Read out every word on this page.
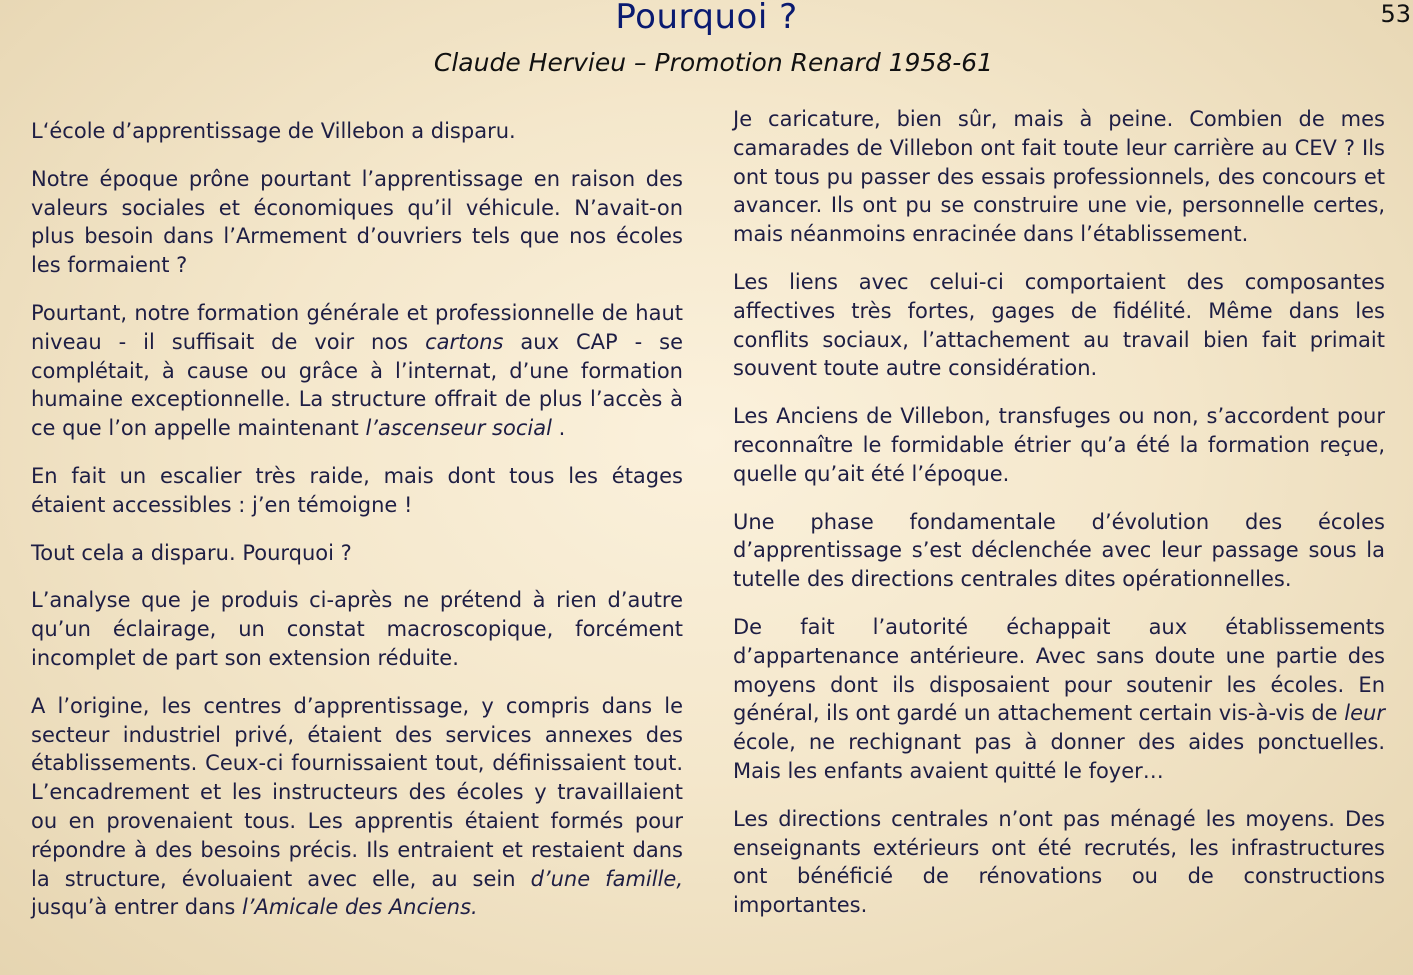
53
Pourquoi ?
Claude Hervieu – Promotion Renard 1958-61

L‘école d’apprentissage de Villebon a disparu.

Notre époque prône pourtant l’apprentissage en raison des valeurs sociales et économiques qu’il véhicule. N’avait-on plus besoin dans l’Armement d’ouvriers tels que nos écoles les formaient ?

Pourtant, notre formation générale et professionnelle de haut niveau - il suffisait de voir nos cartons aux CAP - se complétait, à cause ou grâce à l’internat, d’une formation humaine exceptionnelle. La structure offrait de plus l’accès à ce que l’on appelle maintenant l’ascenseur social .

En fait un escalier très raide, mais dont tous les étages étaient accessibles : j’en témoigne !

Tout cela a disparu. Pourquoi ?

L’analyse que je produis ci-après ne prétend à rien d’autre qu’un éclairage, un constat macroscopique, forcément incomplet de part son extension réduite.

A l’origine, les centres d’apprentissage, y compris dans le secteur industriel privé, étaient des services annexes des établissements. Ceux-ci fournissaient tout, définissaient tout. L’encadrement et les instructeurs des écoles y travaillaient ou en provenaient tous. Les apprentis étaient formés pour répondre à des besoins précis. Ils entraient et restaient dans la structure, évoluaient avec elle, au sein d’une famille, jusqu’à entrer dans l’Amicale des Anciens.

Je caricature, bien sûr, mais à peine. Combien de mes camarades de Villebon ont fait toute leur carrière au CEV ? Ils ont tous pu passer des essais professionnels, des concours et avancer. Ils ont pu se construire une vie, personnelle certes, mais néanmoins enracinée dans l’établissement.

Les liens avec celui-ci comportaient des composantes affectives très fortes, gages de fidélité. Même dans les conflits sociaux, l’attachement au travail bien fait primait souvent toute autre considération.

Les Anciens de Villebon, transfuges ou non, s’accordent pour reconnaître le formidable étrier qu’a été la formation reçue, quelle qu’ait été l’époque.

Une phase fondamentale d’évolution des écoles d’apprentissage s’est déclenchée avec leur passage sous la tutelle des directions centrales dites opérationnelles.

De fait l’autorité échappait aux établissements d’appartenance antérieure. Avec sans doute une partie des moyens dont ils disposaient pour soutenir les écoles. En général, ils ont gardé un attachement certain vis-à-vis de leur école, ne rechignant pas à donner des aides ponctuelles. Mais les enfants avaient quitté le foyer…

Les directions centrales n’ont pas ménagé les moyens. Des enseignants extérieurs ont été recrutés, les infrastructures ont bénéficié de rénovations ou de constructions importantes.
